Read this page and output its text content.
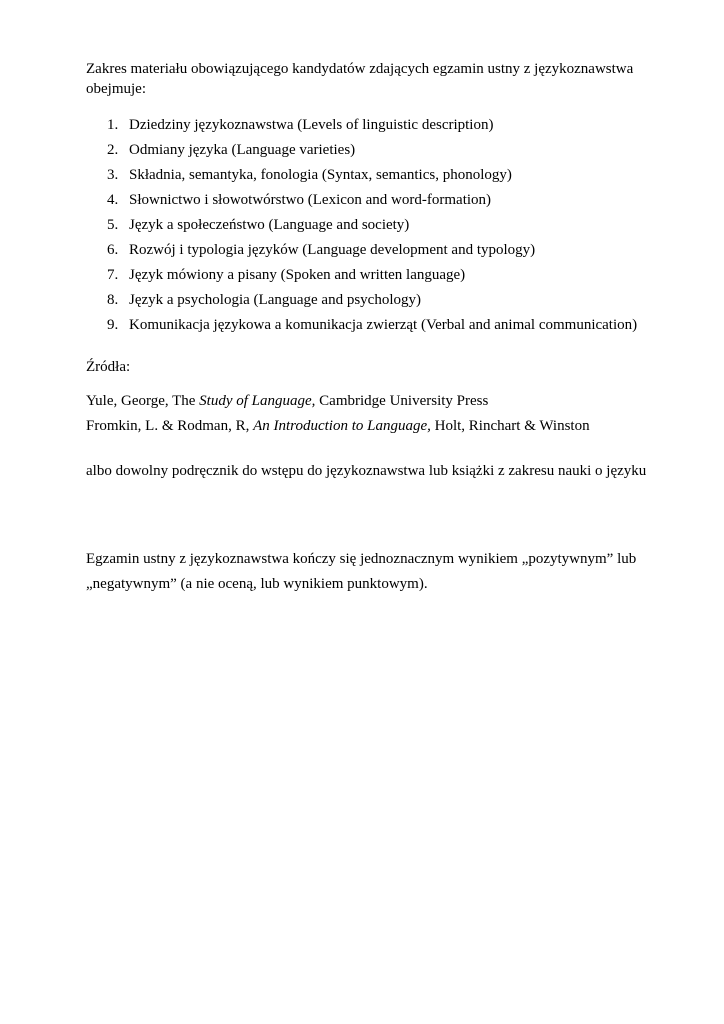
Zakres materiału obowiązującego kandydatów zdających egzamin ustny z językoznawstwa obejmuje:

1. Dziedziny językoznawstwa (Levels of linguistic description)
2. Odmiany języka (Language varieties)
3. Składnia, semantyka, fonologia (Syntax, semantics, phonology)
4. Słownictwo i słowotwórstwo (Lexicon and word-formation)
5. Język a społeczeństwo (Language and society)
6. Rozwój i typologia języków (Language development and typology)
7. Język mówiony a pisany (Spoken and written language)
8. Język a psychologia (Language and psychology)
9. Komunikacja językowa a komunikacja zwierząt (Verbal and animal communication)

Źródła:

Yule, George, The Study of Language, Cambridge University Press

Fromkin, L. & Rodman, R, An Introduction to Language, Holt, Rinchart & Winston

albo dowolny podręcznik do wstępu do językoznawstwa lub książki z zakresu nauki o języku

Egzamin ustny z językoznawstwa kończy się jednoznacznym wynikiem „pozytywnym” lub „negatywnym” (a nie oceną, lub wynikiem punktowym).
